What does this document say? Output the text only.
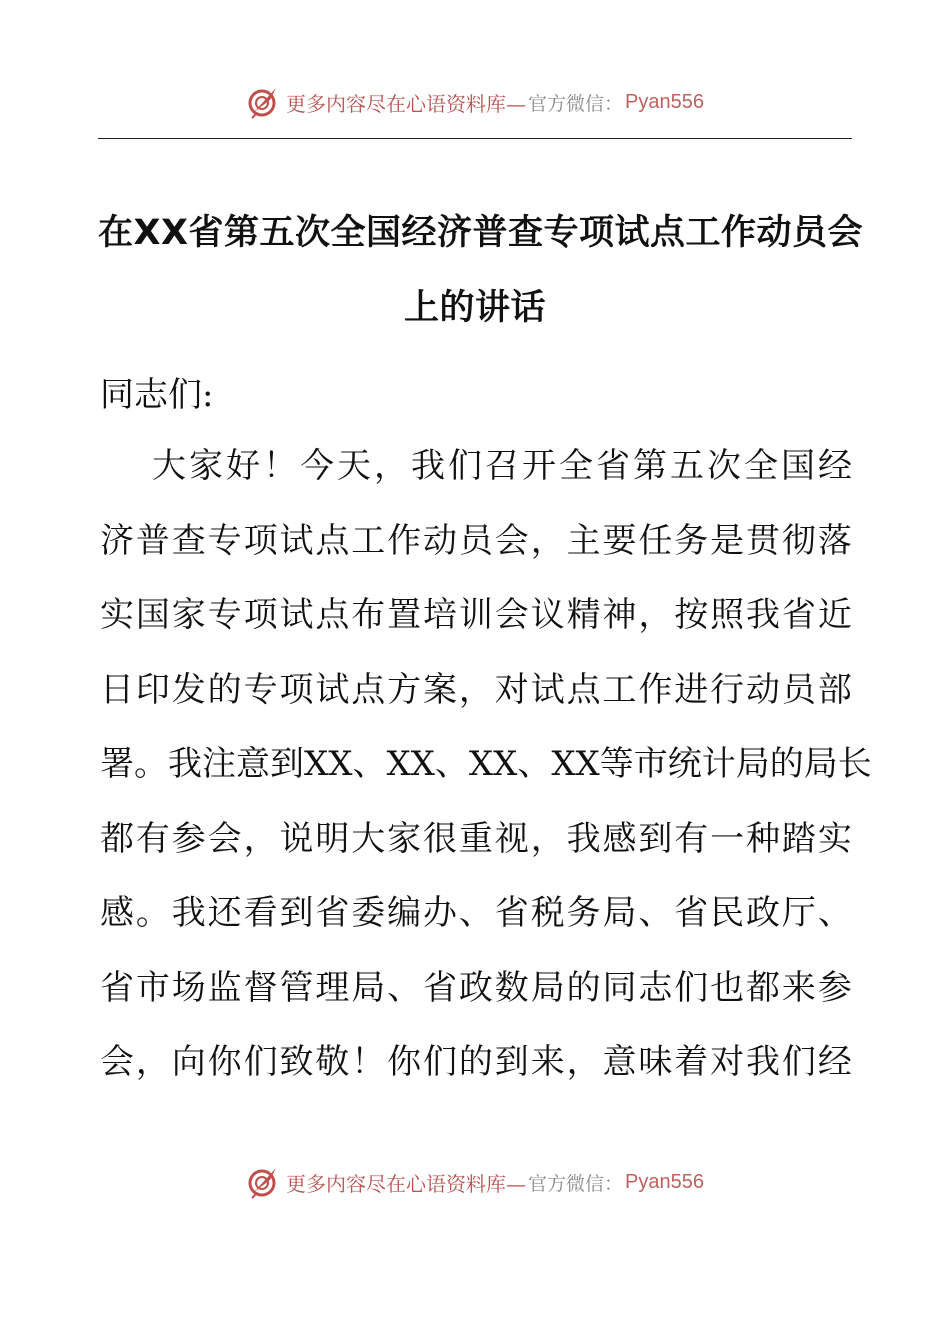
更多内容尽在心语资料库— 官方微信： Pyan556
在XX省第五次全国经济普查专项试点工作动员会
上的讲话
同志们:
大 家 好 ！ 今 天 ， 我 们 召 开 全 省 第 五 次 全 国 经
济 普 查 专 项 试 点 工 作 动 员 会 ， 主 要 任 务 是 贯 彻 落
实 国 家 专 项 试 点 布 置 培 训 会 议 精 神 ， 按 照 我 省 近
日 印 发 的 专 项 试 点 方 案 ， 对 试 点 工 作 进 行 动 员 部
署 。 我 注 意 到 X X 、 X X 、 X X 、 X X 等 市 统 计 局 的 局 长
都 有 参 会 ， 说 明 大 家 很 重 视 ， 我 感 到 有 一 种 踏 实
感 。 我 还 看 到 省 委 编 办 、 省 税 务 局 、 省 民 政 厅 、
省 市 场 监 督 管 理 局 、 省 政 数 局 的 同 志 们 也 都 来 参
会 ， 向 你 们 致 敬 ！ 你 们 的 到 来 ， 意 味 着 对 我 们 经
更多内容尽在心语资料库— 官方微信： Pyan556
